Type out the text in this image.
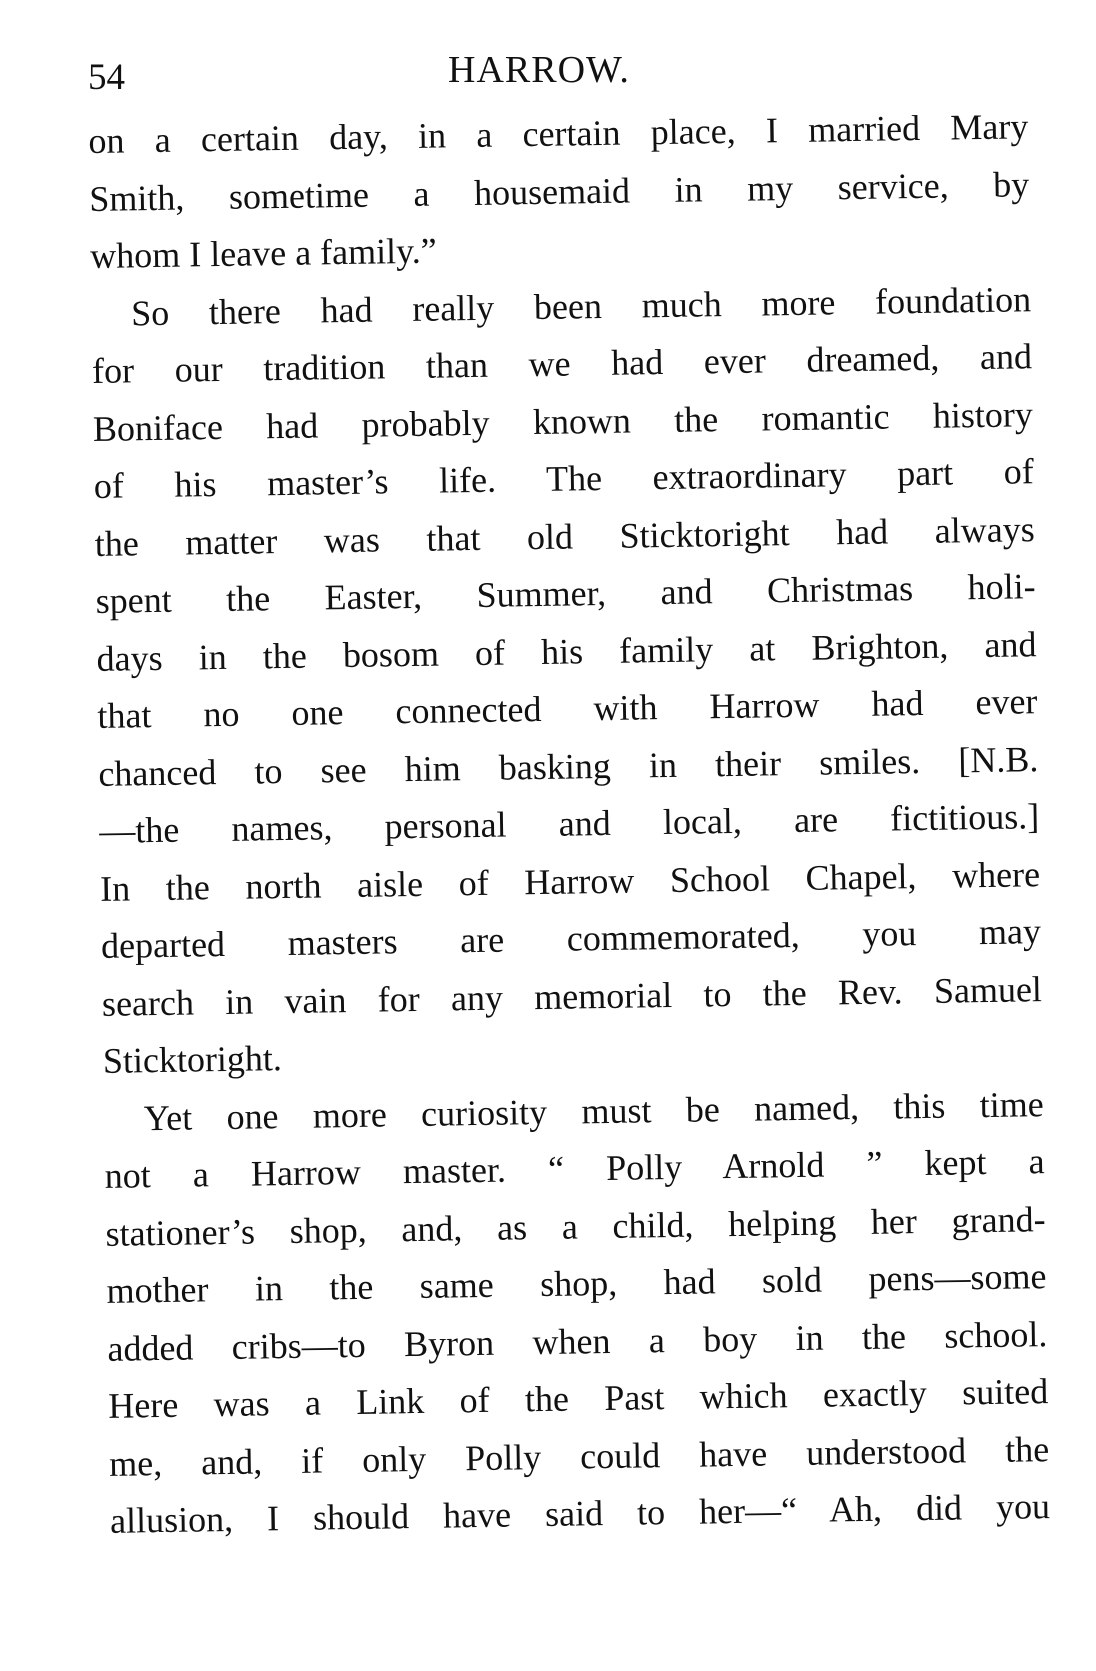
54	HARROW.

on a certain day, in a certain place, I married Mary
Smith, sometime a housemaid in my service, by
whom I leave a family.”

So there had really been much more foundation
for our tradition than we had ever dreamed, and
Boniface had probably known the romantic history
of his master’s life. The extraordinary part of
the matter was that old Sticktoright had always
spent the Easter, Summer, and Christmas holi-
days in the bosom of his family at Brighton, and
that no one connected with Harrow had ever
chanced to see him basking in their smiles. [N.B.
—the names, personal and local, are fictitious.]
In the north aisle of Harrow School Chapel, where
departed masters are commemorated, you may
search in vain for any memorial to the Rev. Samuel
Sticktoright.

Yet one more curiosity must be named, this time
not a Harrow master. “ Polly Arnold ” kept a
stationer’s shop, and, as a child, helping her grand-
mother in the same shop, had sold pens—some
added cribs—to Byron when a boy in the school.
Here was a Link of the Past which exactly suited
me, and, if only Polly could have understood the
allusion, I should have said to her—“ Ah, did you
